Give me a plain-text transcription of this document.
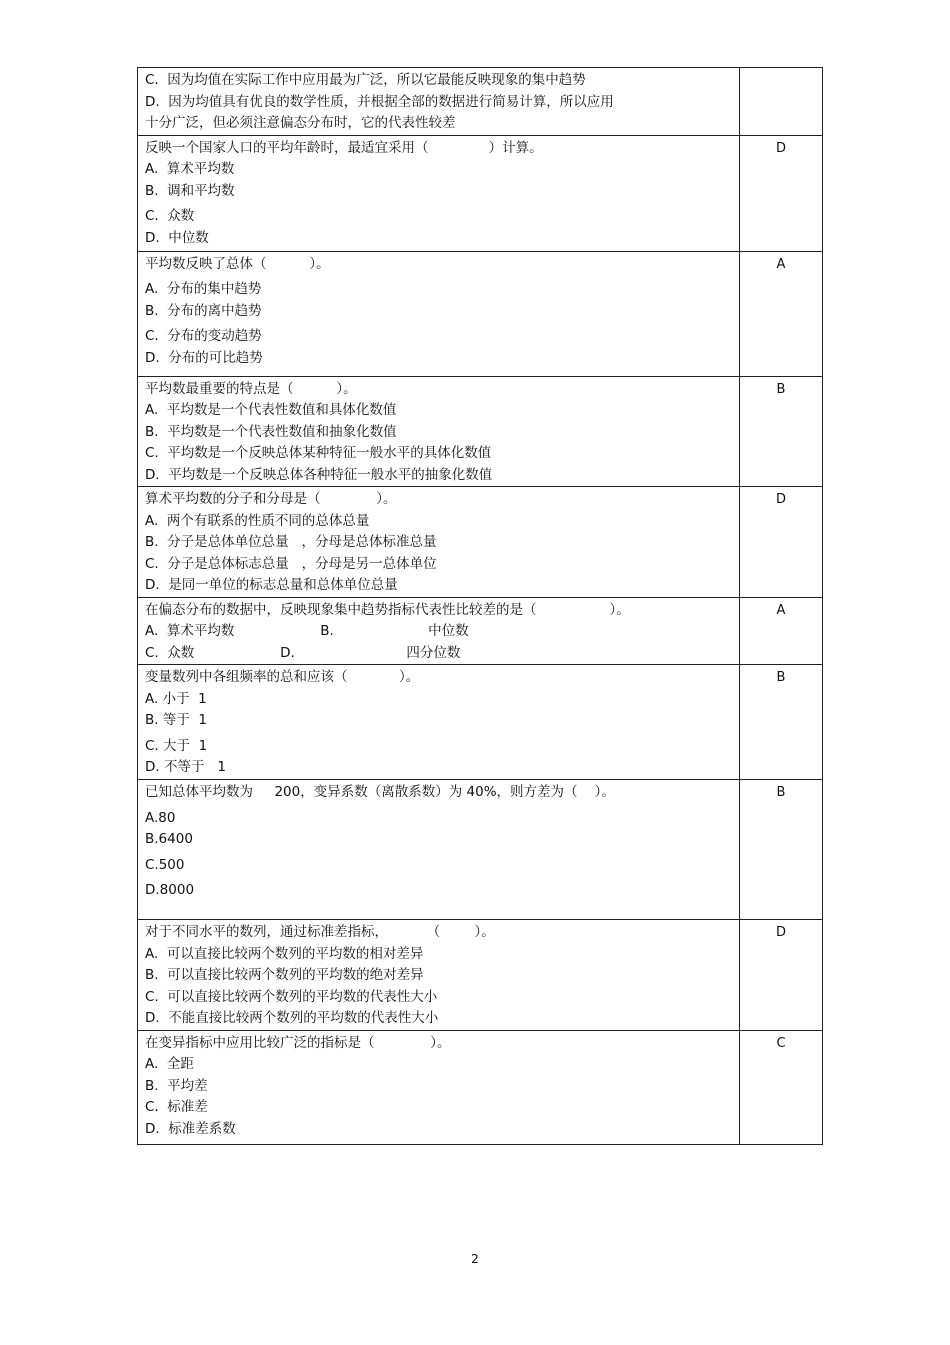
C.  因为均值在实际工作中应用最为广泛，所以它最能反映现象的集中趋势
D.  因为均值具有优良的数学性质，并根据全部的数据进行简易计算，所以应用
十分广泛，但必须注意偏态分布时，它的代表性较差	

反映一个国家人口的平均年龄时，最适宜采用（              ）计算。
A.  算术平均数
B.  调和平均数
C.  众数
D.  中位数	D

平均数反映了总体（          ）。
A.  分布的集中趋势
B.  分布的离中趋势
C.  分布的变动趋势
D.  分布的可比趋势	A

平均数最重要的特点是（          ）。
A.  平均数是一个代表性数值和具体化数值
B.  平均数是一个代表性数值和抽象化数值
C.  平均数是一个反映总体某种特征一般水平的具体化数值
D.  平均数是一个反映总体各种特征一般水平的抽象化数值	B

算术平均数的分子和分母是（             ）。
A.  两个有联系的性质不同的总体总量
B.  分子是总体单位总量   ，分母是总体标准总量
C.  分子是总体标志总量   ，分母是另一总体单位
D.  是同一单位的标志总量和总体单位总量	D

在偏态分布的数据中，反映现象集中趋势指标代表性比较差的是（                 ）。
A.  算术平均数                    B.                      中位数
C.  众数                    D.                          四分位数	A

变量数列中各组频率的总和应该（            ）。
A. 小于  1
B. 等于  1
C. 大于  1
D. 不等于   1	B

已知总体平均数为     200，变异系数（离散系数）为 40%，则方差为（    ）。
A.80
B.6400
C.500
D.8000	B

对于不同水平的数列，通过标准差指标，         （        ）。
A.  可以直接比较两个数列的平均数的相对差异
B.  可以直接比较两个数列的平均数的绝对差异
C.  可以直接比较两个数列的平均数的代表性大小
D.  不能直接比较两个数列的平均数的代表性大小	D

在变异指标中应用比较广泛的指标是（             ）。
A.  全距
B.  平均差
C.  标准差
D.  标准差系数	C
2
